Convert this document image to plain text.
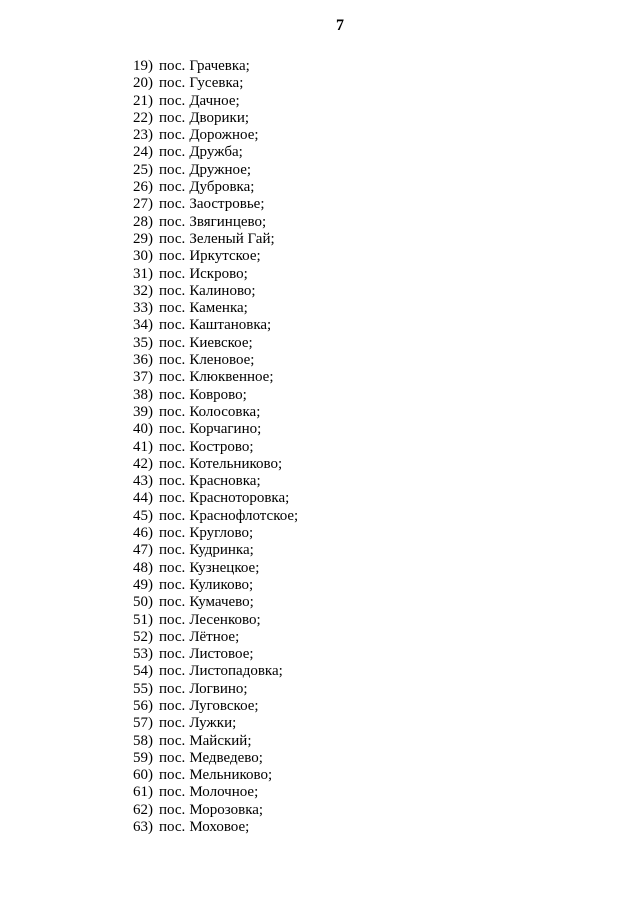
7
19) пос. Грачевка;
20) пос. Гусевка;
21) пос. Дачное;
22) пос. Дворики;
23) пос. Дорожное;
24) пос. Дружба;
25) пос. Дружное;
26) пос. Дубровка;
27) пос. Заостровье;
28) пос. Звягинцево;
29) пос. Зеленый Гай;
30) пос. Иркутское;
31) пос. Искрово;
32) пос. Калиново;
33) пос. Каменка;
34) пос. Каштановка;
35) пос. Киевское;
36) пос. Кленовое;
37) пос. Клюквенное;
38) пос. Коврово;
39) пос. Колосовка;
40) пос. Корчагино;
41) пос. Кострово;
42) пос. Котельниково;
43) пос. Красновка;
44) пос. Красноторовка;
45) пос. Краснофлотское;
46) пос. Круглово;
47) пос. Кудринка;
48) пос. Кузнецкое;
49) пос. Куликово;
50) пос. Кумачево;
51) пос. Лесенково;
52) пос. Лётное;
53) пос. Листовое;
54) пос. Листопадовка;
55) пос. Логвино;
56) пос. Луговское;
57) пос. Лужки;
58) пос. Майский;
59) пос. Медведево;
60) пос. Мельниково;
61) пос. Молочное;
62) пос. Морозовка;
63) пос. Моховое;
